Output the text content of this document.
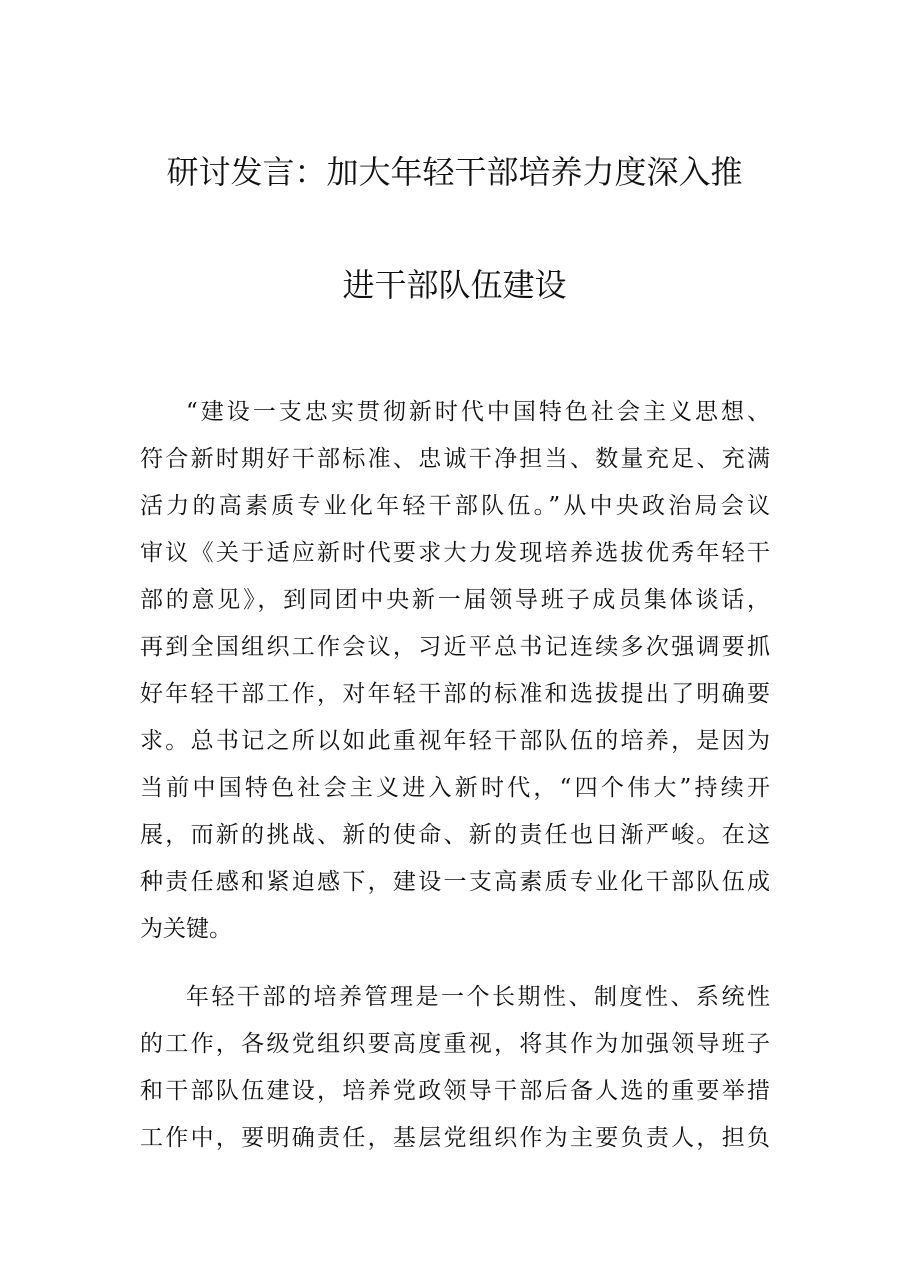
研讨发言：加大年轻干部培养力度深入推
进干部队伍建设
“建设一支忠实贯彻新时代中国特色社会主义思想、
符合新时期好干部标准、忠诚干净担当、数量充足、充满
活力的高素质专业化年轻干部队伍。”从中央政治局会议
审议《关于适应新时代要求大力发现培养选拔优秀年轻干
部的意见》，到同团中央新一届领导班子成员集体谈话，
再到全国组织工作会议，习近平总书记连续多次强调要抓
好年轻干部工作，对年轻干部的标准和选拔提出了明确要
求。总书记之所以如此重视年轻干部队伍的培养，是因为
当前中国特色社会主义进入新时代，“四个伟大”持续开
展，而新的挑战、新的使命、新的责任也日渐严峻。在这
种责任感和紧迫感下，建设一支高素质专业化干部队伍成
为关键。
年轻干部的培养管理是一个长期性、制度性、系统性
的工作，各级党组织要高度重视，将其作为加强领导班子
和干部队伍建设，培养党政领导干部后备人选的重要举措
工作中，要明确责任，基层党组织作为主要负责人，担负
